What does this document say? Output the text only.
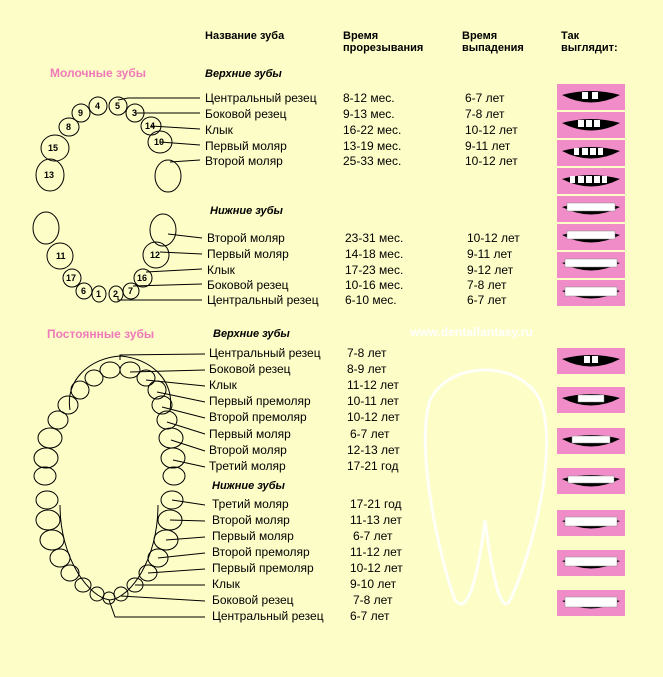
Название зуба	Время
прорезывания
Время
выпадения
Так
выглядит:
Молочные зубы	Верхние зубы
Нижние зубы
Постоянные зубы	Верхние зубы
Нижние зубы
www.dentalfantasy.ru
Центральный резец 8-12 мес.	6-7 лет
Боковой резец	9-13 мес.	7-8 лет
Клык	16-22 мес.	10-12 лет
Первый моляр	13-19 мес.	9-11 лет
Второй моляр	25-33 мес.	10-12 лет
Второй моляр	23-31 мес.	10-12 лет
Первый моляр	14-18 мес.	9-11 лет
Клык	17-23 мес.	9-12 лет
Боковой резец	10-16 мес.	7-8 лет
Центральный резец 6-10 мес.	6-7 лет
Центральный резец 7-8 лет
Боковой резец	8-9 лет
Клык	11-12 лет
Первый премоляр	10-11 лет
Второй премоляр	10-12 лет
Первый моляр	6-7 лет
Второй моляр	12-13 лет
Третий моляр	17-21 год
Третий моляр	17-21 год
Второй моляр	11-13 лет
Первый моляр	6-7 лет
Второй премоляр	11-12 лет
Первый премоляр	10-12 лет
Клык	9-10 лет
Боковой резец	7-8 лет
Центральный резец 6-7 лет
4 5
9	3
8	14
10
15
13
11	12
17	16
6 1 2 7
